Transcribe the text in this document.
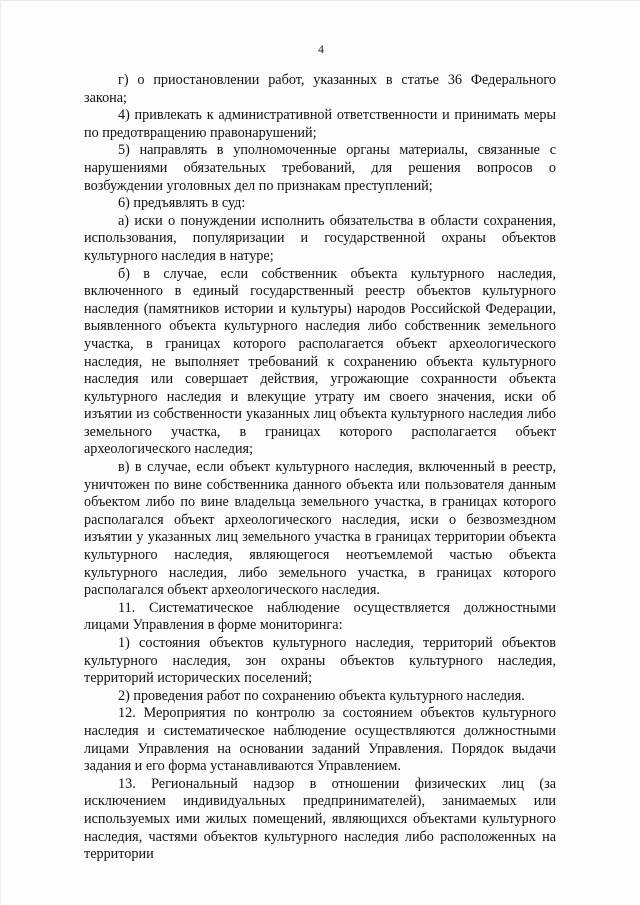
4

г) о приостановлении работ, указанных в статье 36 Федерального закона;

4) привлекать к административной ответственности и принимать меры по предотвращению правонарушений;

5) направлять в уполномоченные органы материалы, связанные с нарушениями обязательных требований, для решения вопросов о возбуждении уголовных дел по признакам преступлений;

6) предъявлять в суд:

а) иски о понуждении исполнить обязательства в области сохранения, использования, популяризации и государственной охраны объектов культурного наследия в натуре;

б) в случае, если собственник объекта культурного наследия, включенного в единый государственный реестр объектов культурного наследия (памятников истории и культуры) народов Российской Федерации, выявленного объекта культурного наследия либо собственник земельного участка, в границах которого располагается объект археологического наследия, не выполняет требований к сохранению объекта культурного наследия или совершает действия, угрожающие сохранности объекта культурного наследия и влекущие утрату им своего значения, иски об изъятии из собственности указанных лиц объекта культурного наследия либо земельного участка, в границах которого располагается объект археологического наследия;

в) в случае, если объект культурного наследия, включенный в реестр, уничтожен по вине собственника данного объекта или пользователя данным объектом либо по вине владельца земельного участка, в границах которого располагался объект археологического наследия, иски о безвозмездном изъятии у указанных лиц земельного участка в границах территории объекта культурного наследия, являющегося неотъемлемой частью объекта культурного наследия, либо земельного участка, в границах которого располагался объект археологического наследия.

11. Систематическое наблюдение осуществляется должностными лицами Управления в форме мониторинга:

1) состояния объектов культурного наследия, территорий объектов культурного наследия, зон охраны объектов культурного наследия, территорий исторических поселений;

2) проведения работ по сохранению объекта культурного наследия.

12. Мероприятия по контролю за состоянием объектов культурного наследия и систематическое наблюдение осуществляются должностными лицами Управления на основании заданий Управления. Порядок выдачи задания и его форма устанавливаются Управлением.

13. Региональный надзор в отношении физических лиц (за исключением индивидуальных предпринимателей), занимаемых или используемых ими жилых помещений, являющихся объектами культурного наследия, частями объектов культурного наследия либо расположенных на территории
